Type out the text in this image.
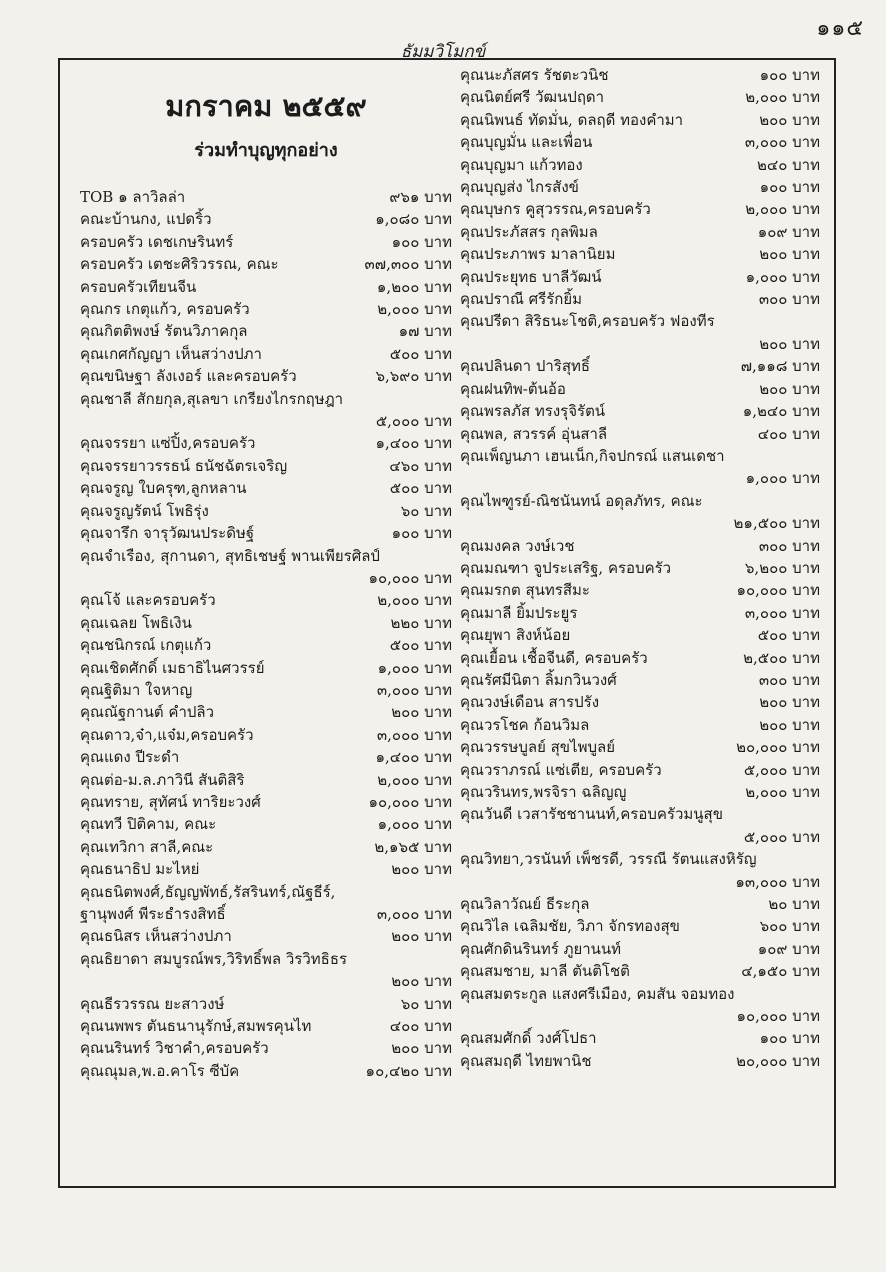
๑๑๕
ธัมมวิโมกข์
มกราคม ๒๕๕๙
ร่วมทำบุญทุกอย่าง
TOB ๑ ลาวิลล่า	๙๖๑ บาท
คณะบ้านกง, แปดริ้ว	๑,๐๘๐ บาท
ครอบครัว เดชเกษรินทร์	๑๐๐ บาท
ครอบครัว เตชะศิริวรรณ, คณะ	๓๗,๓๐๐ บาท
ครอบครัวเทียนจีน	๑,๒๐๐ บาท
คุณกร เกตุแก้ว, ครอบครัว	๒,๐๐๐ บาท
คุณกิตติพงษ์ รัตนวิภาคกุล	๑๗ บาท
คุณเกศกัญญา เห็นสว่างปภา	๕๐๐ บาท
คุณขนิษฐา ลังเงอร์ และครอบครัว	๖,๖๙๐ บาท
คุณชาลี สักยกุล,สุเลขา เกรียงไกรกฤษฎา
๕,๐๐๐ บาท
คุณจรรยา แซ่ปิ้ง,ครอบครัว	๑,๔๐๐ บาท
คุณจรรยาวรรธน์ ธนัชฉัตรเจริญ	๔๖๐ บาท
คุณจรูญ ใบครุฑ,ลูกหลาน	๕๐๐ บาท
คุณจรูญรัตน์ โพธิรุ่ง	๖๐ บาท
คุณจารึก จารุวัฒนประดิษฐ์	๑๐๐ บาท
คุณจำเรือง, สุกานดา, สุทธิเชษฐ์ พานเพียรศิลป์
๑๐,๐๐๐ บาท
คุณโจ้ และครอบครัว	๒,๐๐๐ บาท
คุณเฉลย โพธิเงิน	๒๒๐ บาท
คุณชนิกรณ์ เกตุแก้ว	๕๐๐ บาท
คุณเชิดศักดิ์ เมธาธิไนศวรรย์	๑,๐๐๐ บาท
คุณฐิติมา ใจหาญ	๓,๐๐๐ บาท
คุณณัฐกานต์ คำปลิว	๒๐๐ บาท
คุณดาว,จ๋า,แจ๋ม,ครอบครัว	๓,๐๐๐ บาท
คุณแดง ปีระดำ	๑,๔๐๐ บาท
คุณต่อ-ม.ล.ภาวินี สันติสิริ	๒,๐๐๐ บาท
คุณทราย, สุทัศน์ ทาริยะวงศ์	๑๐,๐๐๐ บาท
คุณทวี ปิติคาม, คณะ	๑,๐๐๐ บาท
คุณเทวิกา สาลี,คณะ	๒,๑๖๕ บาท
คุณธนาธิป มะไหย่	๒๐๐ บาท
คุณธนิตพงศ์,ธัญญพัทธ์,รัสรินทร์,ณัฐธีร์,
ฐานุพงศ์ พีระธำรงสิทธิ์	๓,๐๐๐ บาท
คุณธนิสร เห็นสว่างปภา	๒๐๐ บาท
คุณธิยาดา สมบูรณ์พร,วิริทธิ์พล วิรวิทธิธร
๒๐๐ บาท
คุณธีรวรรณ ยะสาวงษ์	๖๐ บาท
คุณนพพร ตันธนานุรักษ์,สมพรคุนไท	๔๐๐ บาท
คุณนรินทร์ วิชาคำ,ครอบครัว	๒๐๐ บาท
คุณณุมล,พ.อ.คาโร ซีบัค	๑๐,๔๒๐ บาท
คุณนะภัสศร รัชตะวนิช	๑๐๐ บาท
คุณนิตย์ศรี วัฒนปฤดา	๒,๐๐๐ บาท
คุณนิพนธ์ ทัดมั่น, ดลฤดี ทองคำมา	๒๐๐ บาท
คุณบุญมั่น และเพื่อน	๓,๐๐๐ บาท
คุณบุญมา แก้วทอง	๒๔๐ บาท
คุณบุญส่ง ไกรสังข์	๑๐๐ บาท
คุณบุษกร คูสุวรรณ,ครอบครัว	๒,๐๐๐ บาท
คุณประภัสสร กุลพิมล	๑๐๙ บาท
คุณประภาพร มาลานิยม	๒๐๐ บาท
คุณประยุทธ บาลีวัฒน์	๑,๐๐๐ บาท
คุณปราณี ศรีรักยิ้ม	๓๐๐ บาท
คุณปรีดา สิริธนะโชติ,ครอบครัว ฟองทีร
๒๐๐ บาท
คุณปลินดา ปาริสุทธิ์	๗,๑๑๘ บาท
คุณฝนทิพ-ต้นอ้อ	๒๐๐ บาท
คุณพรลภัส ทรงรุจิรัตน์	๑,๒๔๐ บาท
คุณพล, สวรรค์ อุ่นสาลี	๔๐๐ บาท
คุณเพ็ญนภา เฮนเน็ก,กิจปกรณ์ แสนเดชา
๑,๐๐๐ บาท
คุณไพฑูรย์-ณิชนันทน์ อดุลภัทร, คณะ
๒๑,๕๐๐ บาท
คุณมงคล วงษ์เวช	๓๐๐ บาท
คุณมณฑา จูประเสริฐ, ครอบครัว	๖,๒๐๐ บาท
คุณมรกต สุนทรสีมะ	๑๐,๐๐๐ บาท
คุณมาลี ยิ้มประยูร	๓,๐๐๐ บาท
คุณยุพา สิงห์น้อย	๕๐๐ บาท
คุณเยื้อน เชื้อจีนดี, ครอบครัว	๒,๕๐๐ บาท
คุณรัศมีนิตา ลิ้มกวินวงศ์	๓๐๐ บาท
คุณวงษ์เดือน สารปรัง	๒๐๐ บาท
คุณวรโชค ก้อนวิมล	๒๐๐ บาท
คุณวรรษบูลย์ สุขไพบูลย์	๒๐,๐๐๐ บาท
คุณวราภรณ์ แซ่เตีย, ครอบครัว	๕,๐๐๐ บาท
คุณวรินทร,พรจิรา ฉลิญญู	๒,๐๐๐ บาท
คุณวันดี เวสารัชชานนท์,ครอบครัวมนูสุข
๕,๐๐๐ บาท
คุณวิทยา,วรนันท์ เพ็ชรดี, วรรณี รัตนแสงหิรัญ
๑๓,๐๐๐ บาท
คุณวิลาวัณย์ ธีระกุล	๒๐ บาท
คุณวิไล เฉลิมชัย, วิภา จักรทองสุข	๖๐๐ บาท
คุณศักดินรินทร์ ภูยานนท์	๑๐๙ บาท
คุณสมชาย, มาลี ตันติโชติ	๔,๑๕๐ บาท
คุณสมตระกูล แสงศรีเมือง, คมสัน จอมทอง
๑๐,๐๐๐ บาท
คุณสมศักดิ์ วงศ์โปธา	๑๐๐ บาท
คุณสมฤดี ไทยพานิช	๒๐,๐๐๐ บาท
